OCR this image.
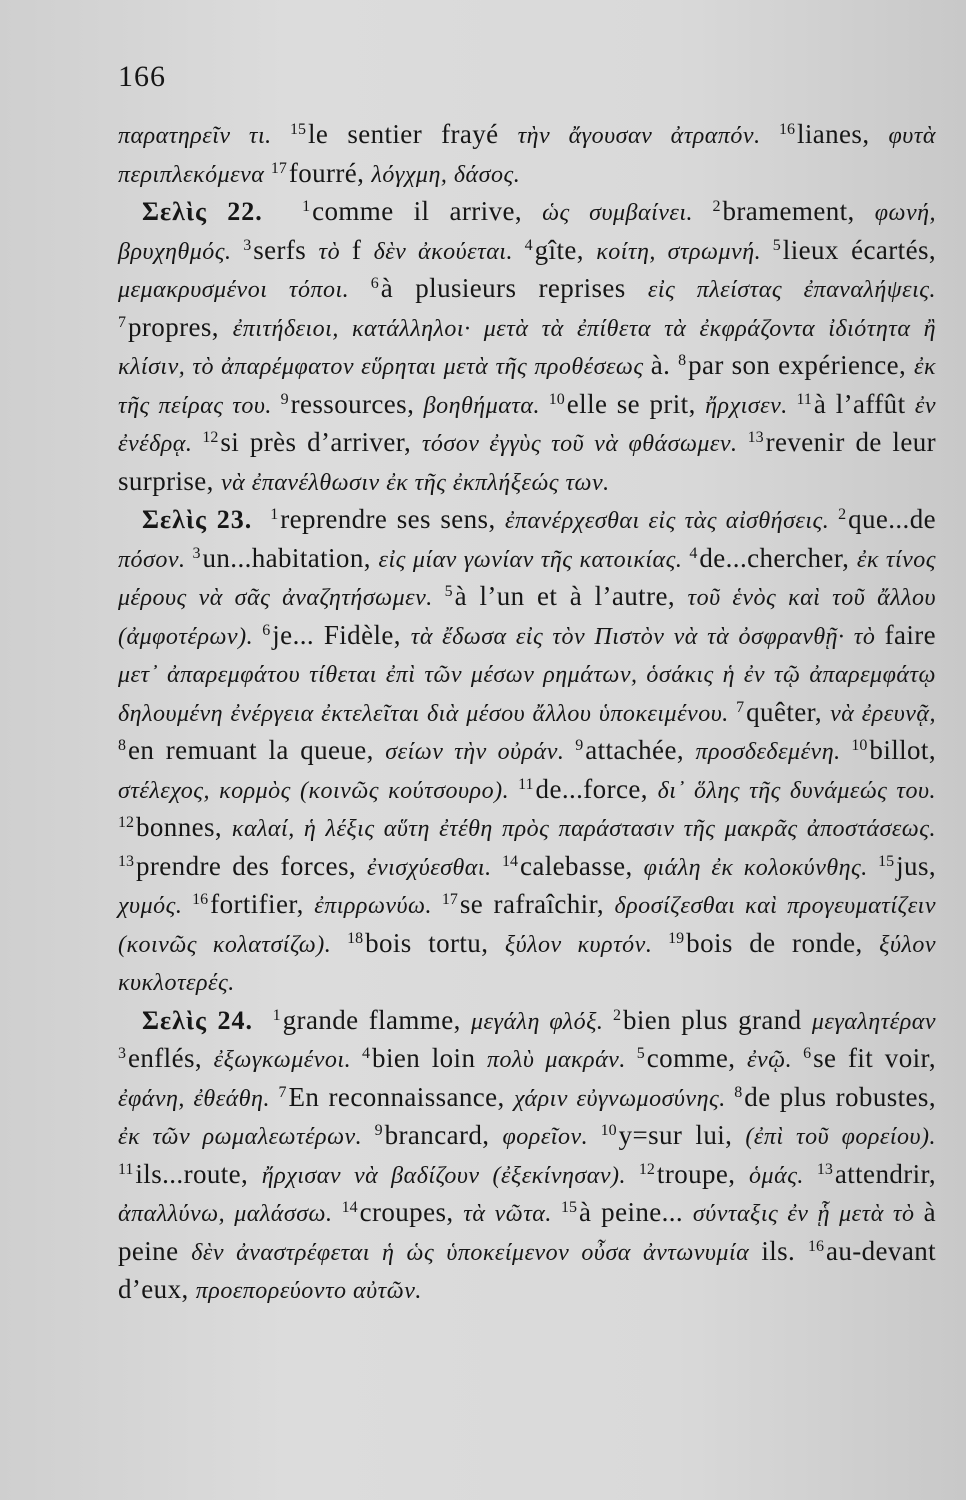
166

παρατηρεῖν τι. $^{15}$le sentier frayé τὴν ἄγουσαν ἀτραπόν. $^{16}$lianes, φυτὰ περιπλεκόμενα $^{17}$fourré, λόγχμη, δάσος.

Σελὶς 22. $^1$comme il arrive, ὡς συμβαίνει. $^2$bramement, φωνή, βρυχηθμός. $^3$serfs τὸ f δὲν ἀκούεται. $^4$gîte, κοίτη, στρωμνή. $^5$lieux écartés, μεμακρυσμένοι τόποι. $^6$à plusieurs reprises εἰς πλείστας ἐπαναλήψεις. $^7$propres, ἐπιτήδειοι, κατάλληλοι· μετὰ τὰ ἐπίθετα τὰ ἐκφράζοντα ἰδιότητα ἢ κλίσιν, τὸ ἀπαρέμφατον εὕρηται μετὰ τῆς προθέσεως à. $^8$par son expérience, ἐκ τῆς πείρας του. $^9$ressources, βοηθήματα. $^{10}$elle se prit, ἤρχισεν. $^{11}$à l’affût ἐν ἐνέδρᾳ. $^{12}$si près d’arriver, τόσον ἐγγὺς τοῦ νὰ φθάσωμεν. $^{13}$revenir de leur surprise, νὰ ἐπανέλθωσιν ἐκ τῆς ἐκπλήξεώς των.

Σελὶς 23. $^1$reprendre ses sens, ἐπανέρχεσθαι εἰς τὰς αἰσθήσεις. $^2$que...de πόσον. $^3$un...habitation, εἰς μίαν γωνίαν τῆς κατοικίας. $^4$de...chercher, ἐκ τίνος μέρους νὰ σᾶς ἀναζητήσωμεν. $^5$à l’un et à l’autre, τοῦ ἑνὸς καὶ τοῦ ἄλλου (ἀμφοτέρων). $^6$je... Fidèle, τὰ ἔδωσα εἰς τὸν Πιστὸν νὰ τὰ ὀσφρανθῇ· τὸ faire μετ᾽ ἀπαρεμφάτου τίθεται ἐπὶ τῶν μέσων ρημάτων, ὁσάκις ἡ ἐν τῷ ἀπαρεμφάτῳ δηλουμένη ἐνέργεια ἐκτελεῖται διὰ μέσου ἄλλου ὑποκειμένου. $^7$quêter, νὰ ἐρευνᾷ, $^8$en remuant la queue, σείων τὴν οὐράν. $^9$attachée, προσδεδεμένη. $^{10}$billot, στέλεχος, κορμὸς (κοινῶς κούτσουρο). $^{11}$de...force, δι᾽ ὅλης τῆς δυνάμεώς του. $^{12}$bonnes, καλαί, ἡ λέξις αὕτη ἐτέθη πρὸς παράστασιν τῆς μακρᾶς ἀποστάσεως. $^{13}$prendre des forces, ἐνισχύεσθαι. $^{14}$calebasse, φιάλη ἐκ κολοκύνθης. $^{15}$jus, χυμός. $^{16}$fortifier, ἐπιρρωνύω. $^{17}$se rafraîchir, δροσίζεσθαι καὶ προγευματίζειν (κοινῶς κολατσίζω). $^{18}$bois tortu, ξύλον κυρτόν. $^{19}$bois de ronde, ξύλον κυκλοτερές.

Σελὶς 24. $^1$grande flamme, μεγάλη φλόξ. $^2$bien plus grand μεγαλητέραν $^3$enflés, ἐξωγκωμένοι. $^4$bien loin πολὺ μακράν. $^5$comme, ἐνῷ. $^6$se fit voir, ἐφάνη, ἐθεάθη. $^7$En reconnaissance, χάριν εὐγνωμοσύνης. $^8$de plus robustes, ἐκ τῶν ρωμαλεωτέρων. $^9$brancard, φορεῖον. $^{10}$y=sur lui, (ἐπὶ τοῦ φορείου). $^{11}$ils...route, ἤρχισαν νὰ βαδίζουν (ἐξεκίνησαν). $^{12}$troupe, ὁμάς. $^{13}$attendrir, ἀπαλλύνω, μαλάσσω. $^{14}$croupes, τὰ νῶτα. $^{15}$à peine... σύνταξις ἐν ᾗ μετὰ τὸ à peine δὲν ἀναστρέφεται ἡ ὡς ὑποκείμενον οὖσα ἀντωνυμία ils. $^{16}$au-devant d’eux, προεπορεύοντο αὐτῶν.
